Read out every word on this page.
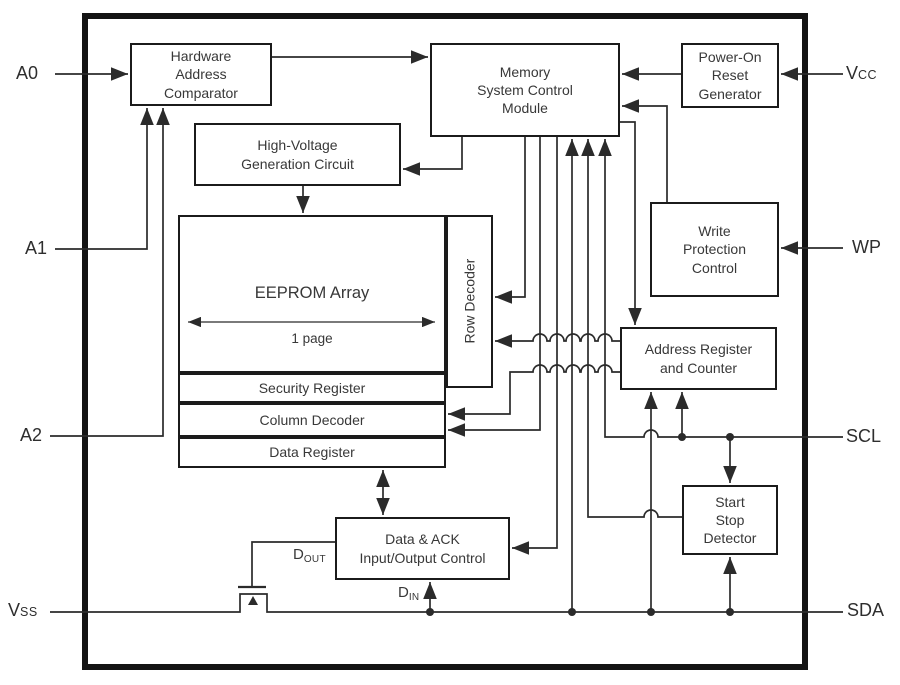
Hardware
Address
Comparator
Memory
System Control
Module
Power-On
Reset
Generator
High-Voltage
Generation Circuit
EEPROM Array
1 page	Row Decoder
Write
Protection
Control
Address Register
and Counter
Security Register
Column Decoder
Data Register
Data & ACK
Input/Output Control
Start
Stop
Detector
A0
A1
A2
VSS
VCC
WP
SCL
SDA
$D_{OUT}$
$D_{IN}$
